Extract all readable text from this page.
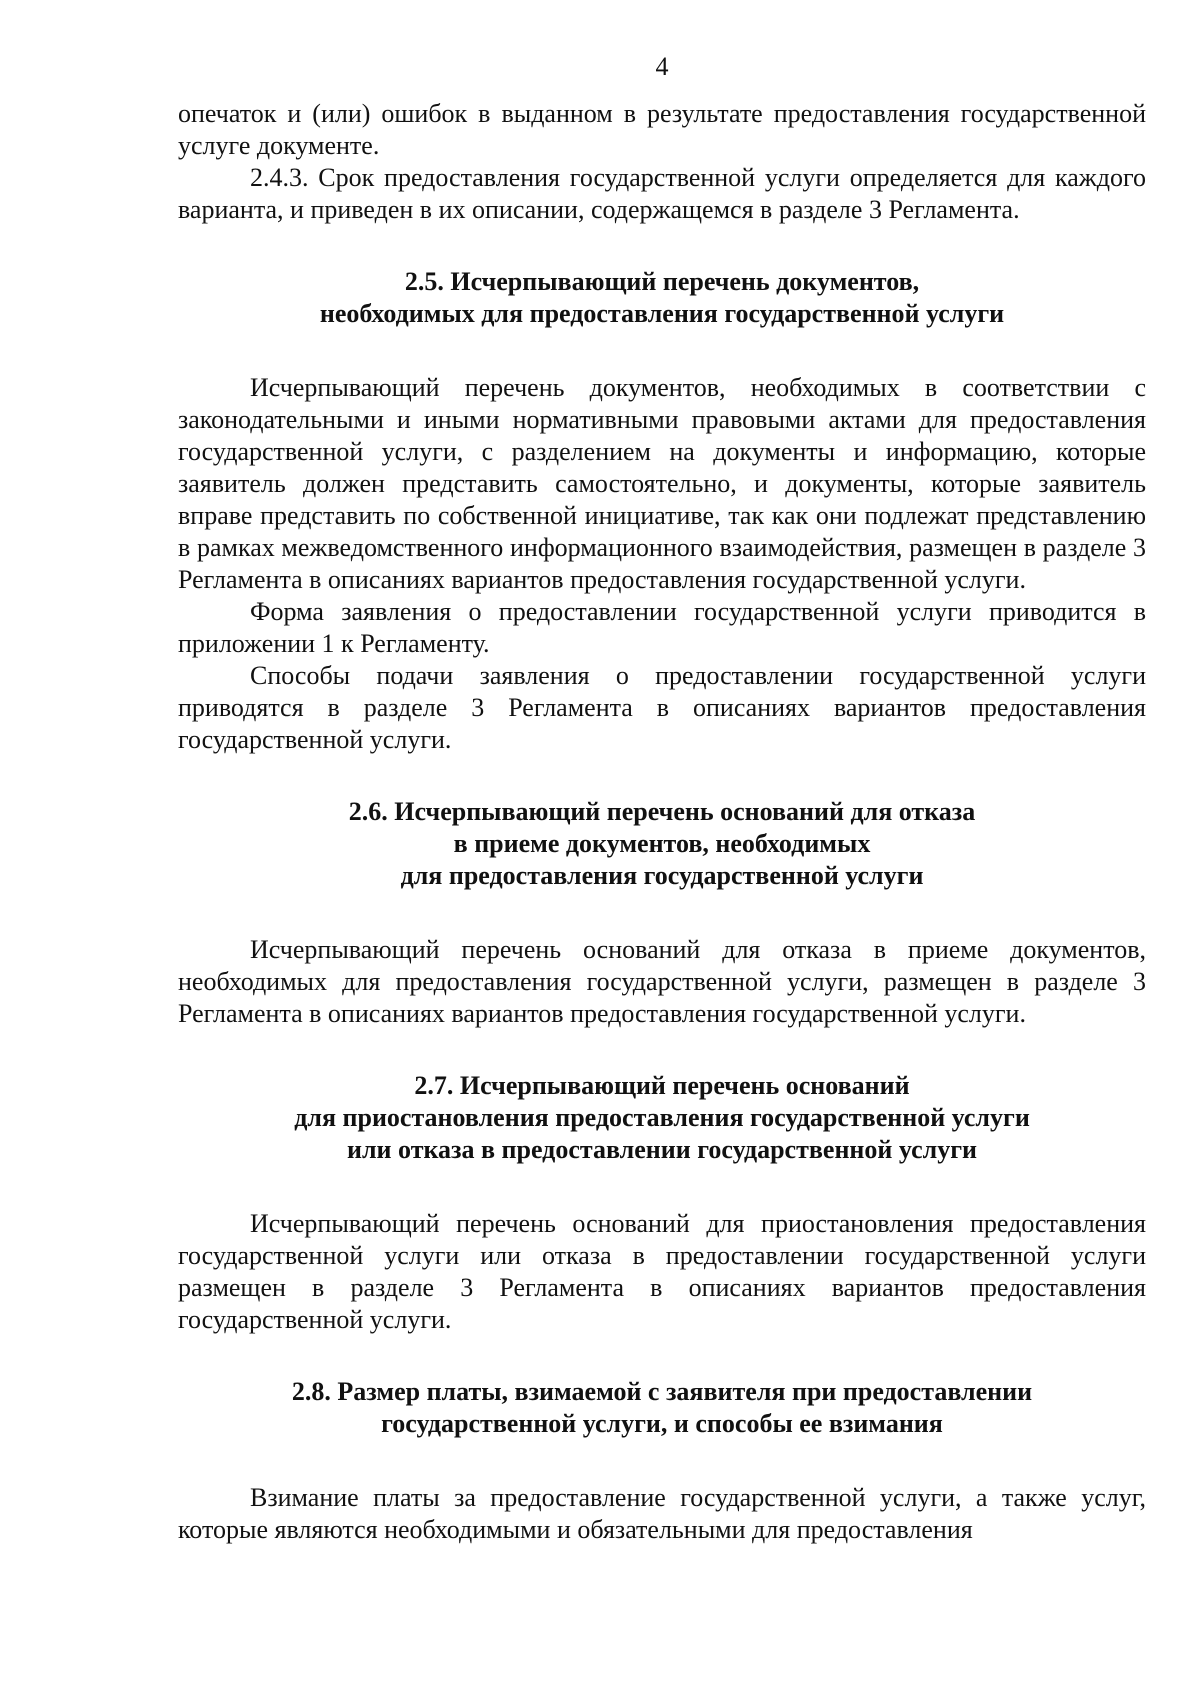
4

опечаток и (или) ошибок в выданном в результате предоставления государственной услуге документе.

2.4.3. Срок предоставления государственной услуги определяется для каждого варианта, и приведен в их описании, содержащемся в разделе 3 Регламента.

2.5. Исчерпывающий перечень документов,
необходимых для предоставления государственной услуги

Исчерпывающий перечень документов, необходимых в соответствии с законодательными и иными нормативными правовыми актами для предоставления государственной услуги, с разделением на документы и информацию, которые заявитель должен представить самостоятельно, и документы, которые заявитель вправе представить по собственной инициативе, так как они подлежат представлению в рамках межведомственного информационного взаимодействия, размещен в разделе 3 Регламента в описаниях вариантов предоставления государственной услуги.

Форма заявления о предоставлении государственной услуги приводится в приложении 1 к Регламенту.

Способы подачи заявления о предоставлении государственной услуги приводятся в разделе 3 Регламента в описаниях вариантов предоставления государственной услуги.

2.6. Исчерпывающий перечень оснований для отказа
в приеме документов, необходимых
для предоставления государственной услуги

Исчерпывающий перечень оснований для отказа в приеме документов, необходимых для предоставления государственной услуги, размещен в разделе 3 Регламента в описаниях вариантов предоставления государственной услуги.

2.7. Исчерпывающий перечень оснований
для приостановления предоставления государственной услуги
или отказа в предоставлении государственной услуги

Исчерпывающий перечень оснований для приостановления предоставления государственной услуги или отказа в предоставлении государственной услуги размещен в разделе 3 Регламента в описаниях вариантов предоставления государственной услуги.

2.8. Размер платы, взимаемой с заявителя при предоставлении
государственной услуги, и способы ее взимания

Взимание платы за предоставление государственной услуги, а также услуг, которые являются необходимыми и обязательными для предоставления
